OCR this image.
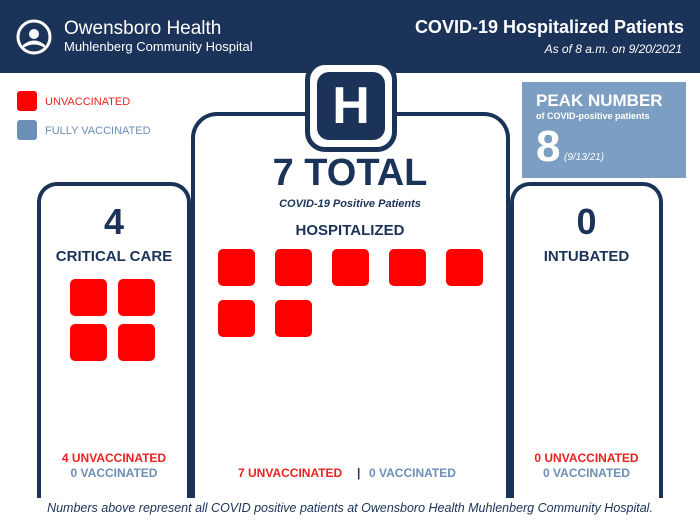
Owensboro Health
Muhlenberg Community Hospital
COVID-19 Hospitalized Patients
As of 8 a.m. on 9/20/2021
UNVACCINATED
FULLY VACCINATED
PEAK NUMBER
of COVID-positive patients
8 (9/13/21)
H
4
CRITICAL CARE
4 UNVACCINATED
0 VACCINATED
7 TOTAL
COVID-19 Positive Patients
HOSPITALIZED
7 UNVACCINATED | 0 VACCINATED
0
INTUBATED
0 UNVACCINATED
0 VACCINATED
Numbers above represent all COVID positive patients at Owensboro Health Muhlenberg Community Hospital.
